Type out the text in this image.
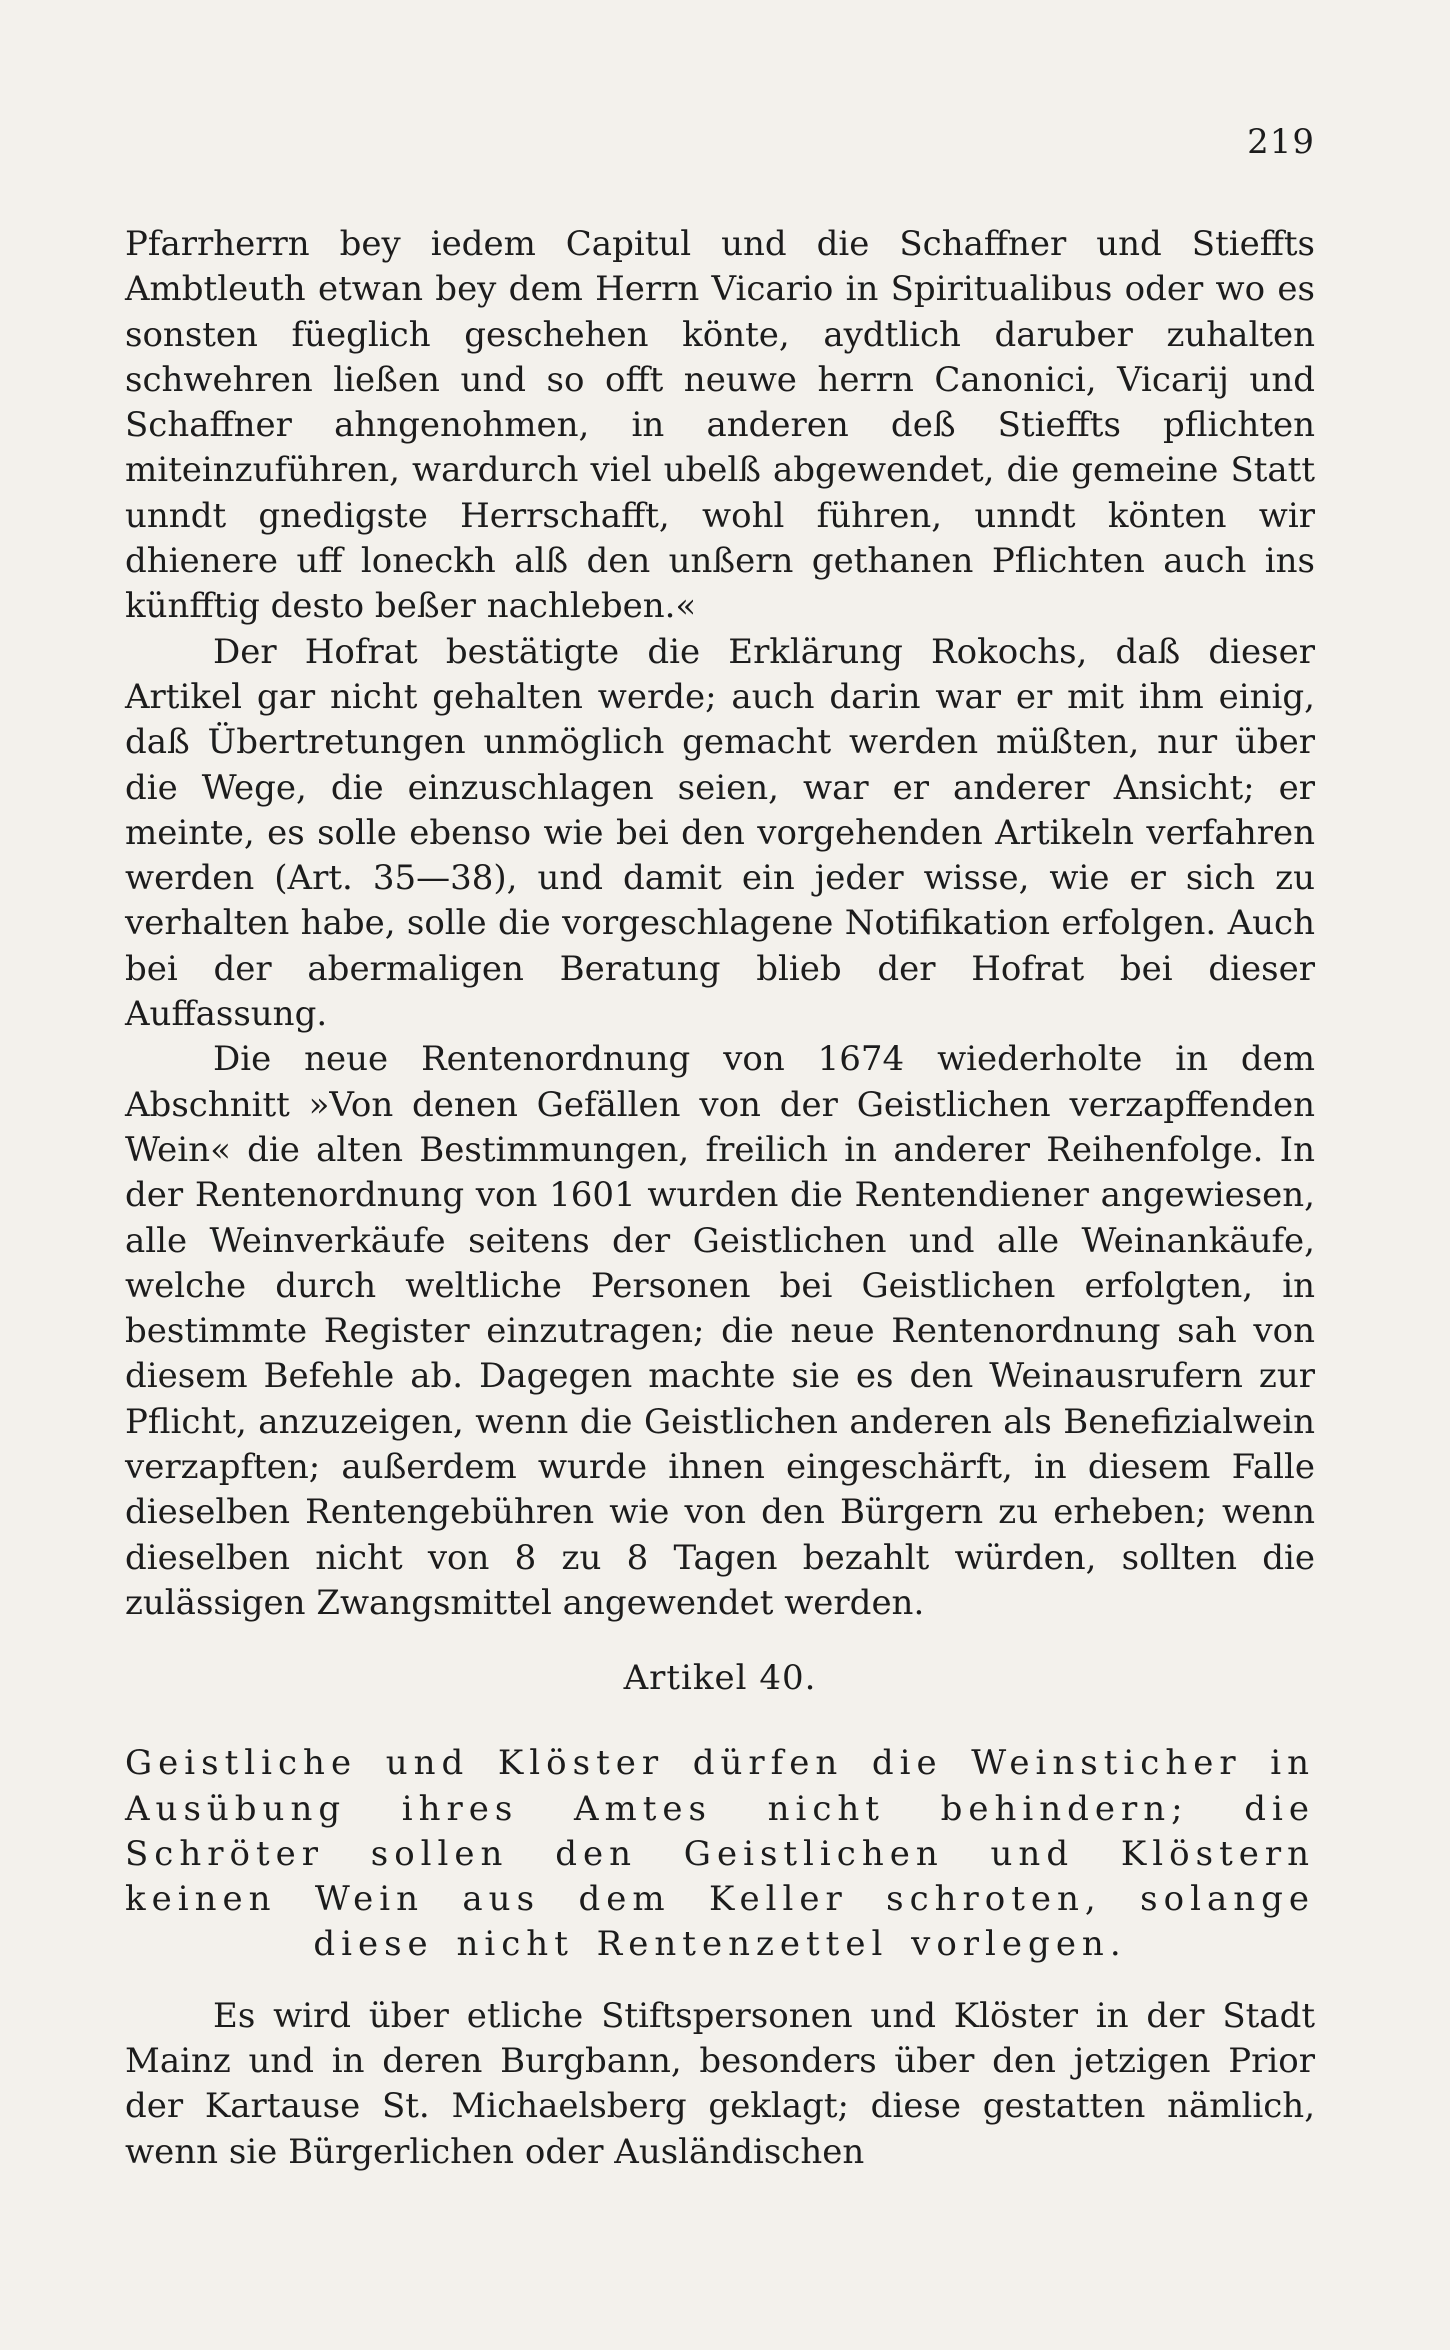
219

Pfarrherrn bey iedem Capitul und die Schaffner und Stieffts Ambtleuth etwan bey dem Herrn Vicario in Spiritualibus oder wo es sonsten füeglich geschehen könte, aydtlich daruber zuhalten schwehren ließen und so offt neuwe herrn Canonici, Vicarij und Schaffner ahngenohmen, in anderen deß Stieffts pflichten miteinzuführen, wardurch viel ubelß abgewendet, die gemeine Statt unndt gnedigste Herrschafft, wohl führen, unndt könten wir dhienere uff loneckh alß den unßern gethanen Pflichten auch ins künfftig desto beßer nachleben.«

Der Hofrat bestätigte die Erklärung Rokochs, daß dieser Artikel gar nicht gehalten werde; auch darin war er mit ihm einig, daß Übertretungen unmöglich gemacht werden müßten, nur über die Wege, die einzuschlagen seien, war er anderer Ansicht; er meinte, es solle ebenso wie bei den vorgehenden Artikeln verfahren werden (Art. 35—38), und damit ein jeder wisse, wie er sich zu verhalten habe, solle die vorgeschlagene Notifikation erfolgen. Auch bei der abermaligen Beratung blieb der Hofrat bei dieser Auffassung.

Die neue Rentenordnung von 1674 wiederholte in dem Abschnitt »Von denen Gefällen von der Geistlichen verzapffenden Wein« die alten Bestimmungen, freilich in anderer Reihenfolge. In der Rentenordnung von 1601 wurden die Rentendiener angewiesen, alle Weinverkäufe seitens der Geistlichen und alle Weinankäufe, welche durch weltliche Personen bei Geistlichen erfolgten, in bestimmte Register einzutragen; die neue Rentenordnung sah von diesem Befehle ab. Dagegen machte sie es den Weinausrufern zur Pflicht, anzuzeigen, wenn die Geistlichen anderen als Benefizialwein verzapften; außerdem wurde ihnen eingeschärft, in diesem Falle dieselben Rentengebühren wie von den Bürgern zu erheben; wenn dieselben nicht von 8 zu 8 Tagen bezahlt würden, sollten die zulässigen Zwangsmittel angewendet werden.

Artikel 40.

Geistliche und Klöster dürfen die Weinsticher in Ausübung ihres Amtes nicht behindern; die Schröter sollen den Geistlichen und Klöstern keinen Wein aus dem Keller schroten, solange diese nicht Rentenzettel vorlegen.

Es wird über etliche Stiftspersonen und Klöster in der Stadt Mainz und in deren Burgbann, besonders über den jetzigen Prior der Kartause St. Michaelsberg geklagt; diese gestatten nämlich, wenn sie Bürgerlichen oder Ausländischen
